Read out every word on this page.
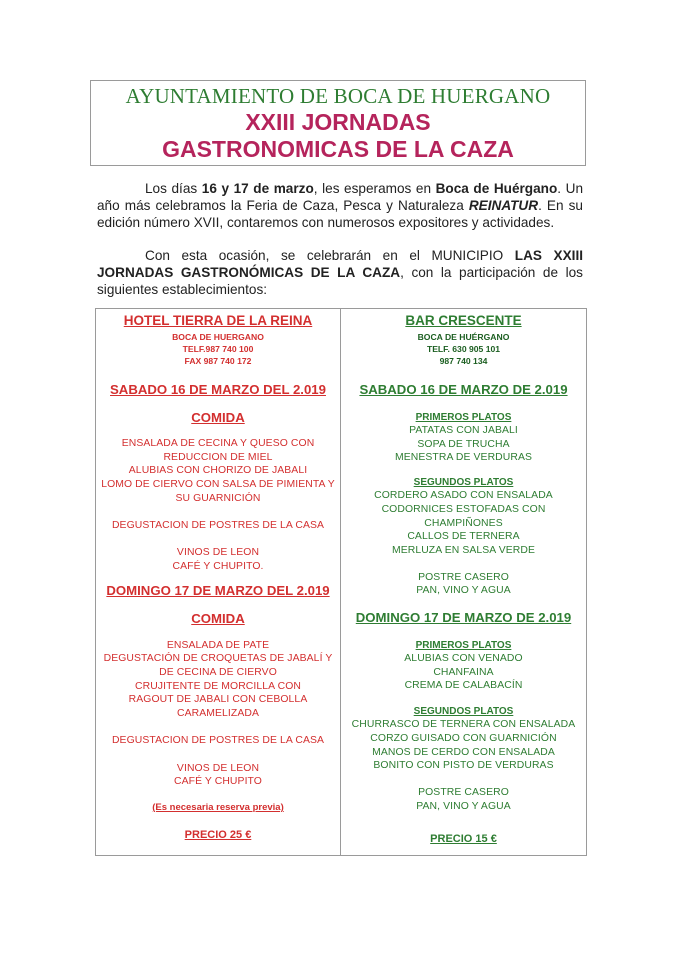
AYUNTAMIENTO DE BOCA DE HUERGANO
XXIII JORNADAS
GASTRONOMICAS DE LA CAZA

Los días 16 y 17 de marzo, les esperamos en Boca de Huérgano. Un año más celebramos la Feria de Caza, Pesca y Naturaleza REINATUR. En su edición número XVII, contaremos con numerosos expositores y actividades.

Con esta ocasión, se celebrarán en el MUNICIPIO LAS XXIII JORNADAS GASTRONÓMICAS DE LA CAZA, con la participación de los siguientes establecimientos:

HOTEL TIERRA DE LA REINA
BOCA DE HUERGANO
TELF.987 740 100
FAX 987 740 172
SABADO 16 DE MARZO DEL 2.019
COMIDA
ENSALADA DE CECINA Y QUESO CON
REDUCCION DE MIEL
ALUBIAS CON CHORIZO DE JABALI
LOMO DE CIERVO CON SALSA DE PIMIENTA Y
SU GUARNICIÓN
DEGUSTACION DE POSTRES DE LA CASA
VINOS DE LEON
CAFÉ Y CHUPITO.
DOMINGO 17 DE MARZO DEL 2.019
COMIDA
ENSALADA DE PATE
DEGUSTACIÓN DE CROQUETAS DE JABALÍ Y
DE CECINA DE CIERVO
CRUJITENTE DE MORCILLA CON
RAGOUT DE JABALI CON CEBOLLA
CARAMELIZADA
DEGUSTACION DE POSTRES DE LA CASA
VINOS DE LEON
CAFÉ Y CHUPITO
(Es necesaria reserva previa)
PRECIO 25 €
BAR CRESCENTE
BOCA DE HUÉRGANO
TELF. 630 905 101
987 740 134
SABADO 16 DE MARZO DE 2.019
PRIMEROS PLATOS
PATATAS CON JABALI
SOPA DE TRUCHA
MENESTRA DE VERDURAS
SEGUNDOS PLATOS
CORDERO ASADO CON ENSALADA
CODORNICES ESTOFADAS CON
CHAMPIÑONES
CALLOS DE TERNERA
MERLUZA EN SALSA VERDE
POSTRE CASERO
PAN, VINO Y AGUA
DOMINGO 17 DE MARZO DE 2.019
PRIMEROS PLATOS
ALUBIAS CON VENADO
CHANFAINA
CREMA DE CALABACÍN
SEGUNDOS PLATOS
CHURRASCO DE TERNERA CON ENSALADA
CORZO GUISADO CON GUARNICIÓN
MANOS DE CERDO CON ENSALADA
BONITO CON PISTO DE VERDURAS
POSTRE CASERO
PAN, VINO Y AGUA
PRECIO 15 €
